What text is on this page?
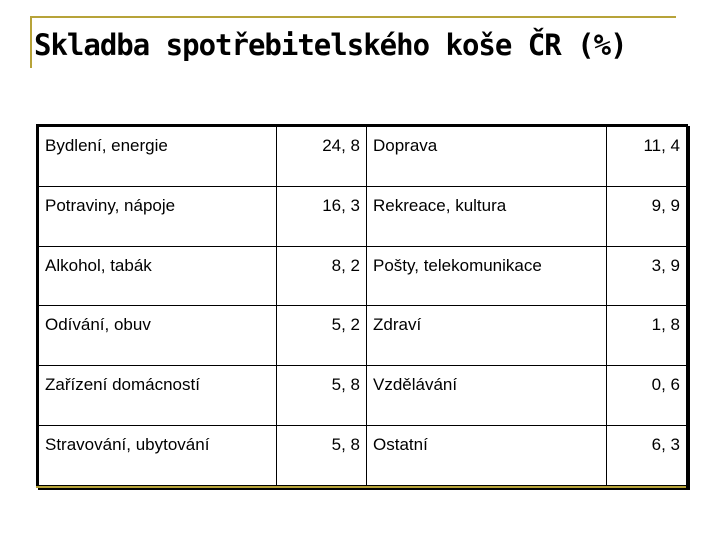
Skladba spotřebitelského koše ČR (%)
Bydlení, energie	24, 8	Doprava	11, 4
Potraviny, nápoje	16, 3	Rekreace, kultura	9, 9
Alkohol, tabák	8, 2	Pošty, telekomunikace	3, 9
Odívání, obuv	5, 2	Zdraví	1, 8
Zařízení domácností	5, 8	Vzdělávání	0, 6
Stravování, ubytování	5, 8	Ostatní	6, 3
